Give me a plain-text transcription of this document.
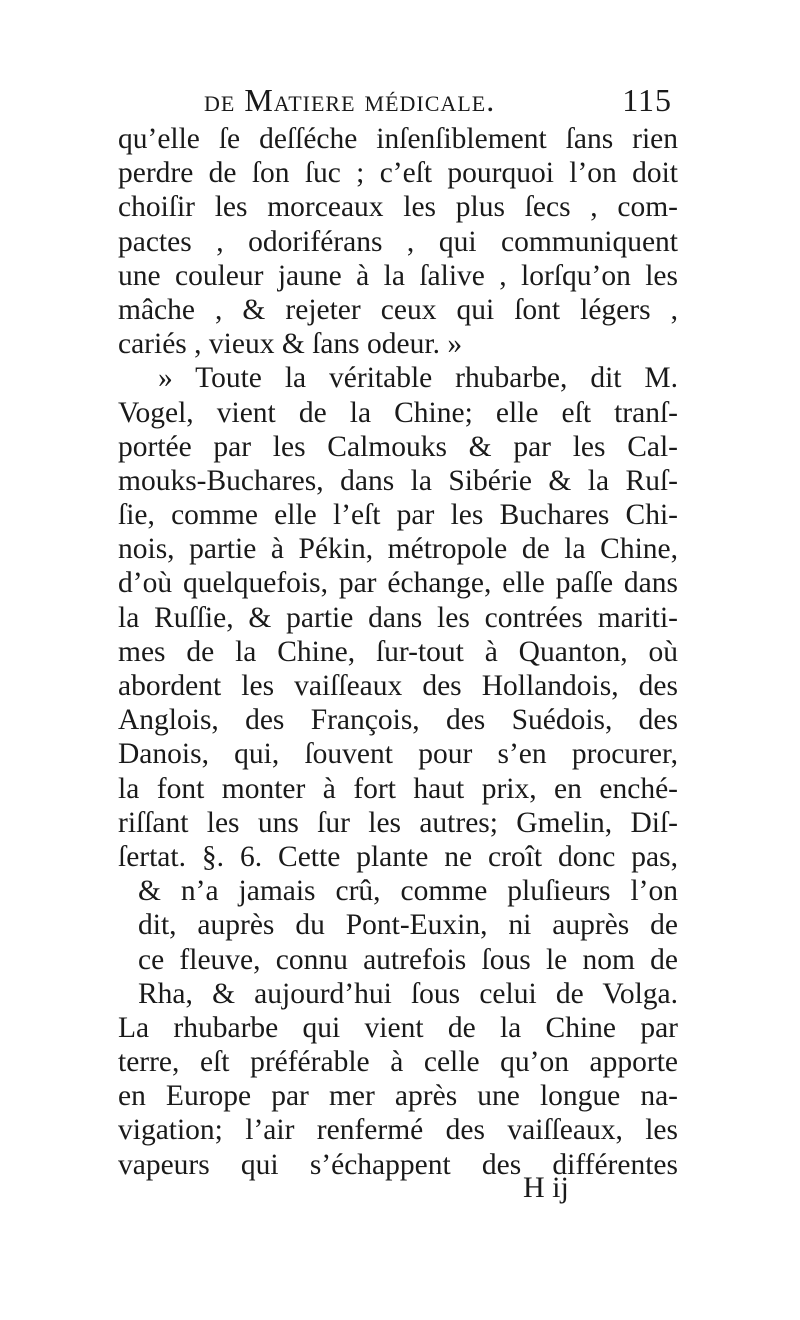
de Matiere médicale.	115
qu’elle ſe deſſéche inſenſiblement ſans rien
perdre de ſon ſuc ; c’eſt pourquoi l’on doit
choiſir les morceaux les plus ſecs , com-
pactes , odoriférans , qui communiquent
une couleur jaune à la ſalive , lorſqu’on les
mâche , & rejeter ceux qui ſont légers ,
cariés , vieux & ſans odeur. »
» Toute la véritable rhubarbe, dit M.
Vogel, vient de la Chine; elle eſt tranſ-
portée par les Calmouks & par les Cal-
mouks-Buchares, dans la Sibérie & la Ruſ-
ſie, comme elle l’eſt par les Buchares Chi-
nois, partie à Pékin, métropole de la Chine,
d’où quelquefois, par échange, elle paſſe dans
la Ruſſie, & partie dans les contrées mariti-
mes de la Chine, ſur-tout à Quanton, où
abordent les vaiſſeaux des Hollandois, des
Anglois, des François, des Suédois, des
Danois, qui, ſouvent pour s’en procurer,
la font monter à fort haut prix, en enché-
riſſant les uns ſur les autres; Gmelin, Diſ-
ſertat. §. 6. Cette plante ne croît donc pas,
& n’a jamais crû, comme pluſieurs l’on
dit, auprès du Pont-Euxin, ni auprès de
ce fleuve, connu autrefois ſous le nom de
Rha, & aujourd’hui ſous celui de Volga.
La rhubarbe qui vient de la Chine par
terre, eſt préférable à celle qu’on apporte
en Europe par mer après une longue na-
vigation; l’air renfermé des vaiſſeaux, les
vapeurs qui s’échappent des différentes
H ij
